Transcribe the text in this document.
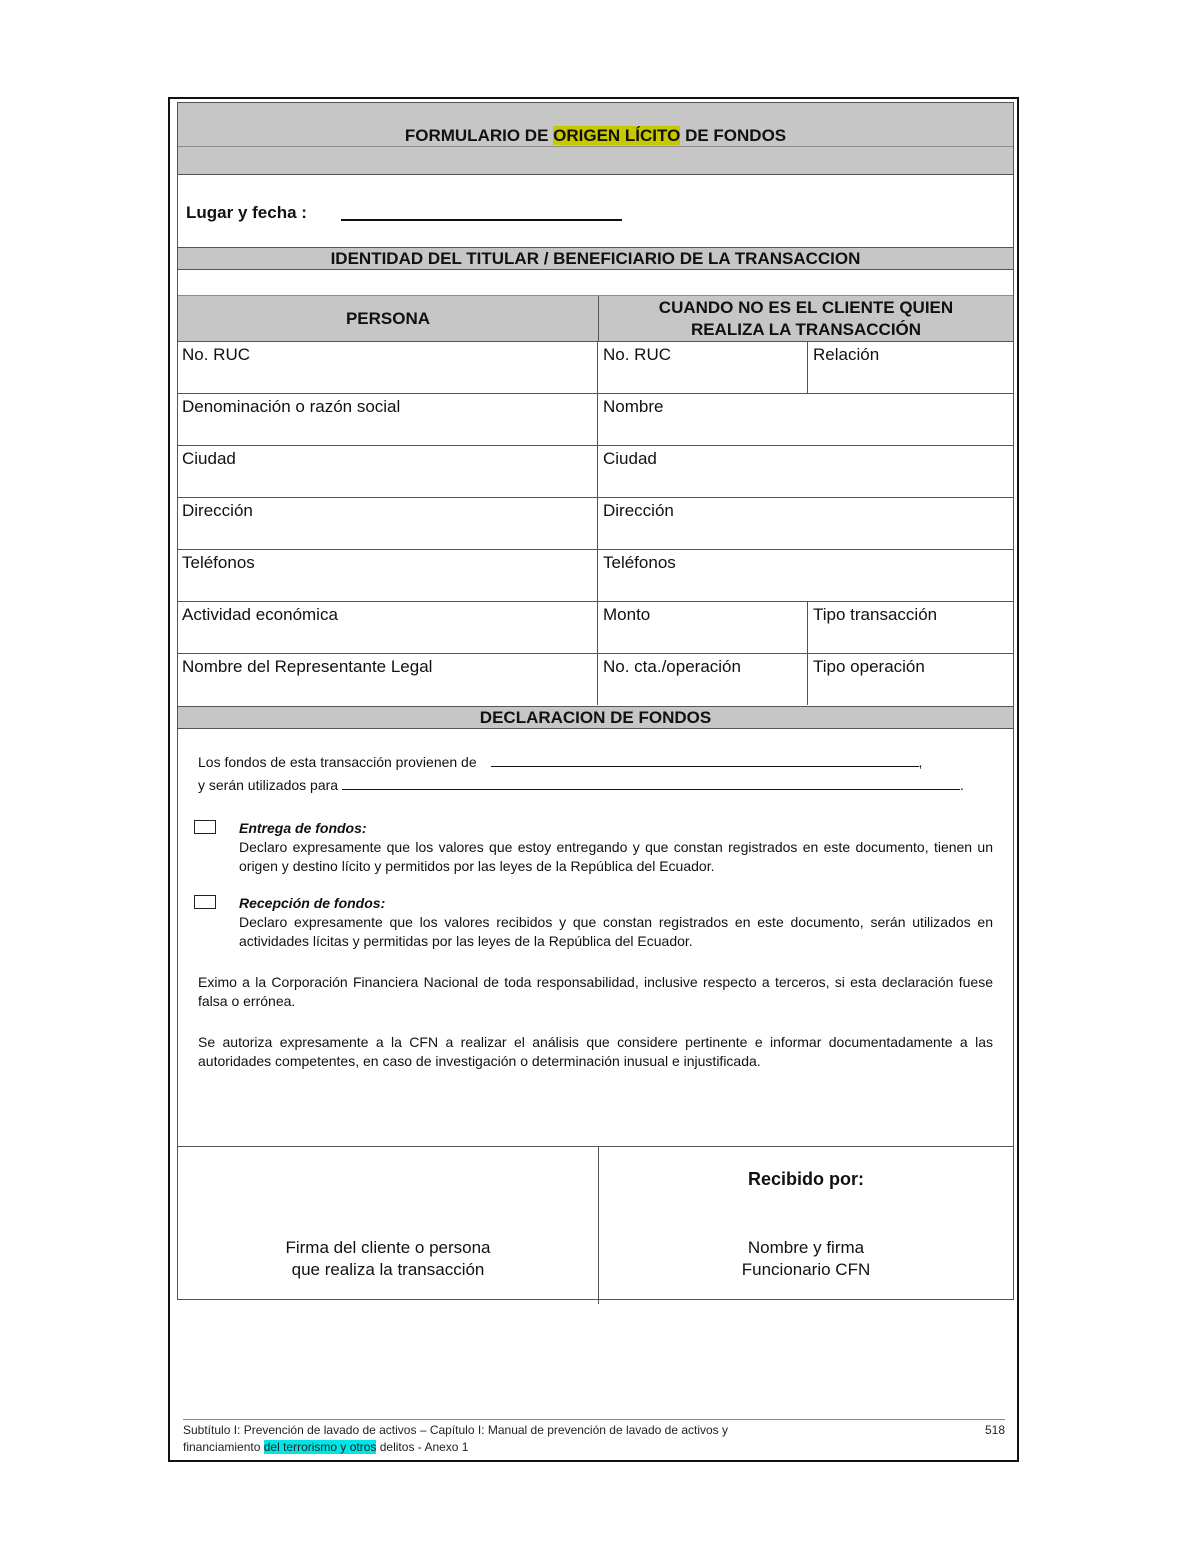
FORMULARIO DE ORIGEN LÍCITO DE FONDOS
Lugar y fecha :
IDENTIDAD DEL TITULAR / BENEFICIARIO DE LA TRANSACCION
PERSONA
CUANDO NO ES EL CLIENTE QUIEN REALIZA LA TRANSACCIÓN
No. RUC	No. RUC	Relación
Denominación o razón social	Nombre
Ciudad	Ciudad
Dirección	Dirección
Teléfonos	Teléfonos
Actividad económica	Monto	Tipo transacción
Nombre del Representante Legal	No. cta./operación	Tipo operación
DECLARACION DE FONDOS
Los fondos de esta transacción provienen de	,
y serán utilizados para	.
Entrega de fondos:
Declaro expresamente que los valores que estoy entregando y que constan registrados en este documento, tienen un origen y destino lícito y permitidos por las leyes de la República del Ecuador.
Recepción de fondos:
Declaro expresamente que los valores recibidos y que constan registrados en este documento, serán utilizados en actividades lícitas y permitidas por las leyes de la República del Ecuador.
Eximo a la Corporación Financiera Nacional de toda responsabilidad, inclusive respecto a terceros, si esta declaración fuese falsa o errónea.
Se autoriza expresamente a la CFN a realizar el análisis que considere pertinente e informar documentadamente a las autoridades competentes, en caso de investigación o determinación inusual e injustificada.
Firma del cliente o persona
que realiza la transacción
Recibido por:
Nombre y firma
Funcionario CFN
Subtítulo I: Prevención de lavado de activos – Capítulo I: Manual de prevención de lavado de activos y
financiamiento del terrorismo y otros delitos - Anexo 1
518
